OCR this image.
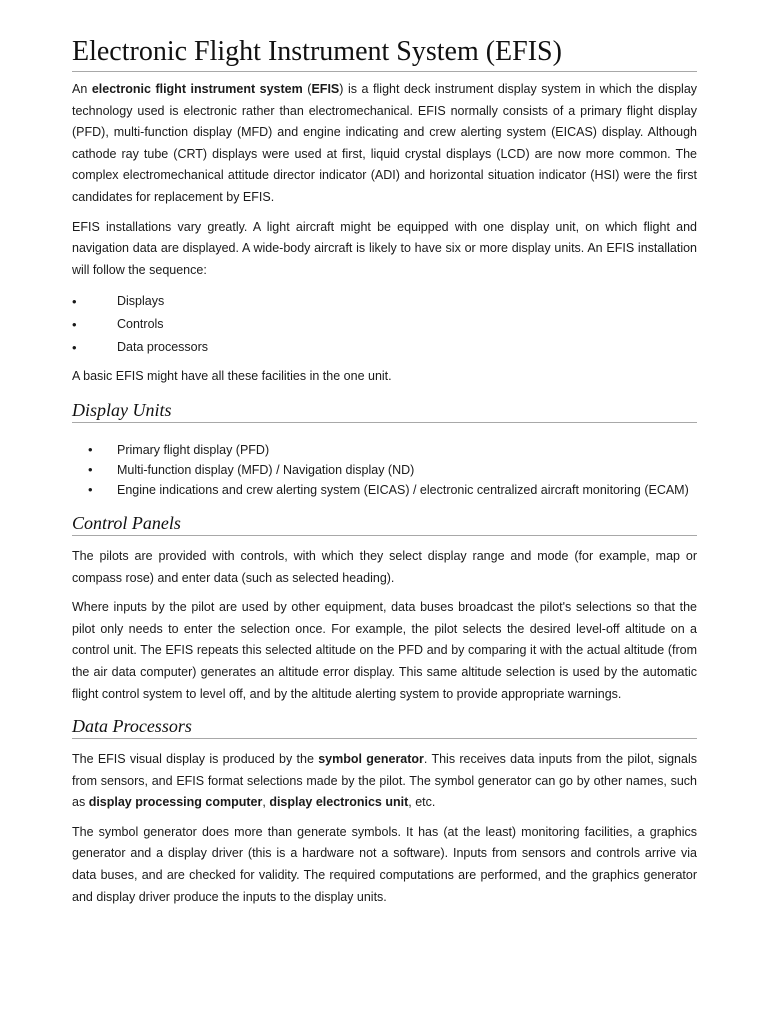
Electronic Flight Instrument System (EFIS)

An electronic flight instrument system (EFIS) is a flight deck instrument display system in which the display technology used is electronic rather than electromechanical. EFIS normally consists of a primary flight display (PFD), multi-function display (MFD) and engine indicating and crew alerting system (EICAS) display. Although cathode ray tube (CRT) displays were used at first, liquid crystal displays (LCD) are now more common. The complex electromechanical attitude director indicator (ADI) and horizontal situation indicator (HSI) were the first candidates for replacement by EFIS.

EFIS installations vary greatly. A light aircraft might be equipped with one display unit, on which flight and navigation data are displayed. A wide-body aircraft is likely to have six or more display units. An EFIS installation will follow the sequence:

• Displays
• Controls
• Data processors

A basic EFIS might have all these facilities in the one unit.

Display Units
• Primary flight display (PFD)
• Multi-function display (MFD) / Navigation display (ND)
• Engine indications and crew alerting system (EICAS) / electronic centralized aircraft monitoring (ECAM)
Control Panels

The pilots are provided with controls, with which they select display range and mode (for example, map or compass rose) and enter data (such as selected heading).

Where inputs by the pilot are used by other equipment, data buses broadcast the pilot's selections so that the pilot only needs to enter the selection once. For example, the pilot selects the desired level-off altitude on a control unit. The EFIS repeats this selected altitude on the PFD and by comparing it with the actual altitude (from the air data computer) generates an altitude error display. This same altitude selection is used by the automatic flight control system to level off, and by the altitude alerting system to provide appropriate warnings.

Data Processors

The EFIS visual display is produced by the symbol generator. This receives data inputs from the pilot, signals from sensors, and EFIS format selections made by the pilot. The symbol generator can go by other names, such as display processing computer, display electronics unit, etc.

The symbol generator does more than generate symbols. It has (at the least) monitoring facilities, a graphics generator and a display driver (this is a hardware not a software). Inputs from sensors and controls arrive via data buses, and are checked for validity. The required computations are performed, and the graphics generator and display driver produce the inputs to the display units.
